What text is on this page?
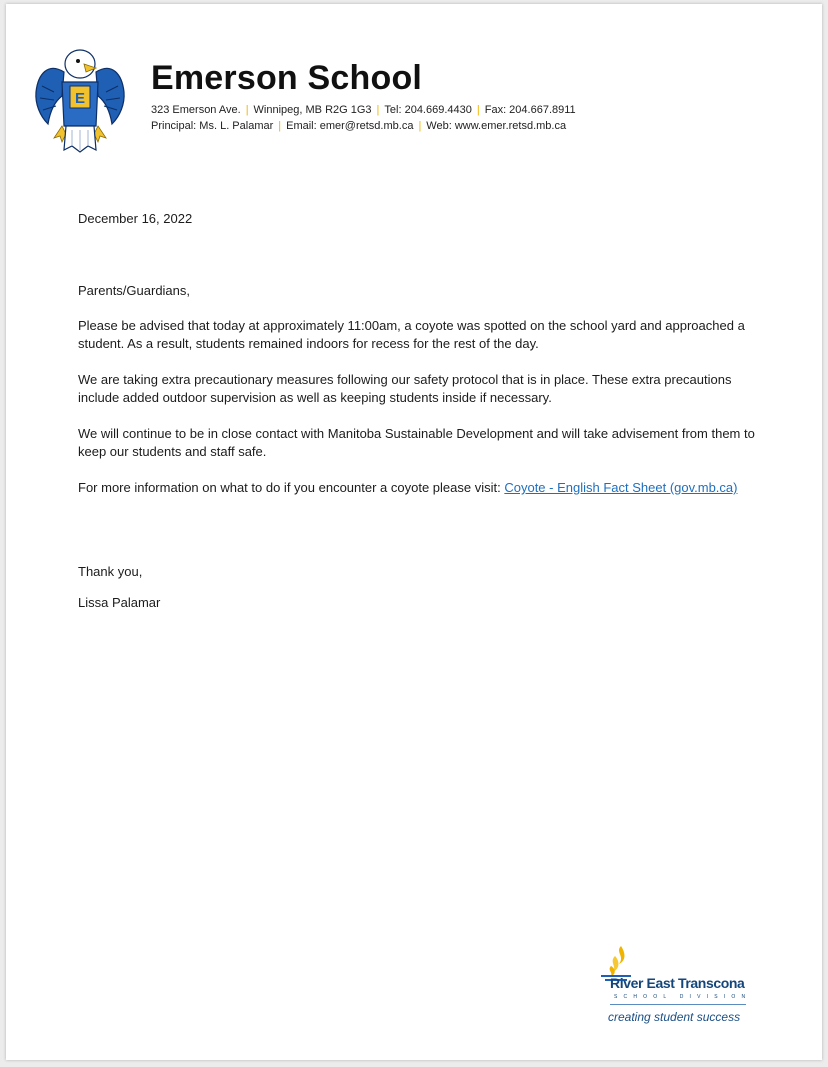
E
Emerson School
323 Emerson Ave. | Winnipeg, MB R2G 1G3 | Tel: 204.669.4430 | Fax: 204.667.8911
Principal: Ms. L. Palamar | Email: emer@retsd.mb.ca | Web: www.emer.retsd.mb.ca
December 16, 2022
Parents/Guardians,
Please be advised that today at approximately 11:00am, a coyote was spotted on the school yard and approached a student. As a result, students remained indoors for recess for the rest of the day.
We are taking extra precautionary measures following our safety protocol that is in place. These extra precautions include added outdoor supervision as well as keeping students inside if necessary.
We will continue to be in close contact with Manitoba Sustainable Development and will take advisement from them to keep our students and staff safe.
For more information on what to do if you encounter a coyote please visit: Coyote - English Fact Sheet (gov.mb.ca)
Thank you,
Lissa Palamar
River East Transcona
SCHOOL DIVISION
creating student success
